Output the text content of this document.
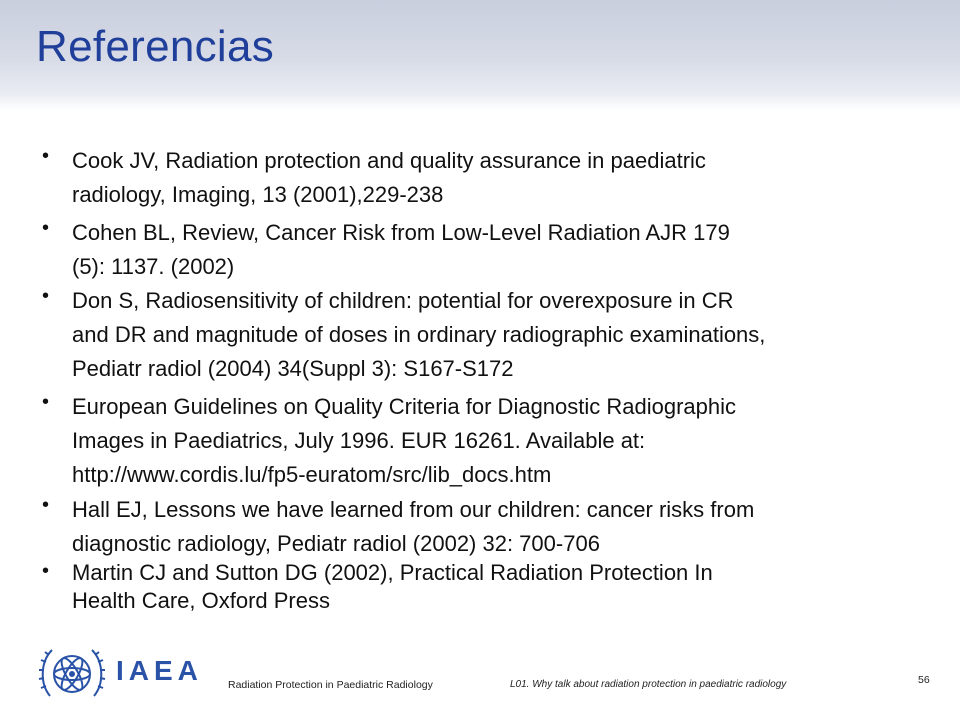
Referencias
• Cook JV, Radiation protection and quality assurance in paediatric
radiology, Imaging, 13 (2001),229-238
• Cohen BL, Review, Cancer Risk from Low-Level Radiation AJR 179
(5): 1137. (2002)
• Don S, Radiosensitivity of children: potential for overexposure in CR
and DR and magnitude of doses in ordinary radiographic examinations,
Pediatr radiol (2004) 34(Suppl 3): S167-S172
• European Guidelines on Quality Criteria for Diagnostic Radiographic
Images in Paediatrics, July 1996. EUR 16261. Available at:
http://www.cordis.lu/fp5-euratom/src/lib_docs.htm
• Hall EJ, Lessons we have learned from our children: cancer risks from
diagnostic radiology, Pediatr radiol (2002) 32: 700-706
• Martin CJ and Sutton DG (2002), Practical Radiation Protection In
Health Care, Oxford Press
IAEA Radiation Protection in Paediatric Radiology	L01. Why talk about radiation protection in paediatric radiology	56
